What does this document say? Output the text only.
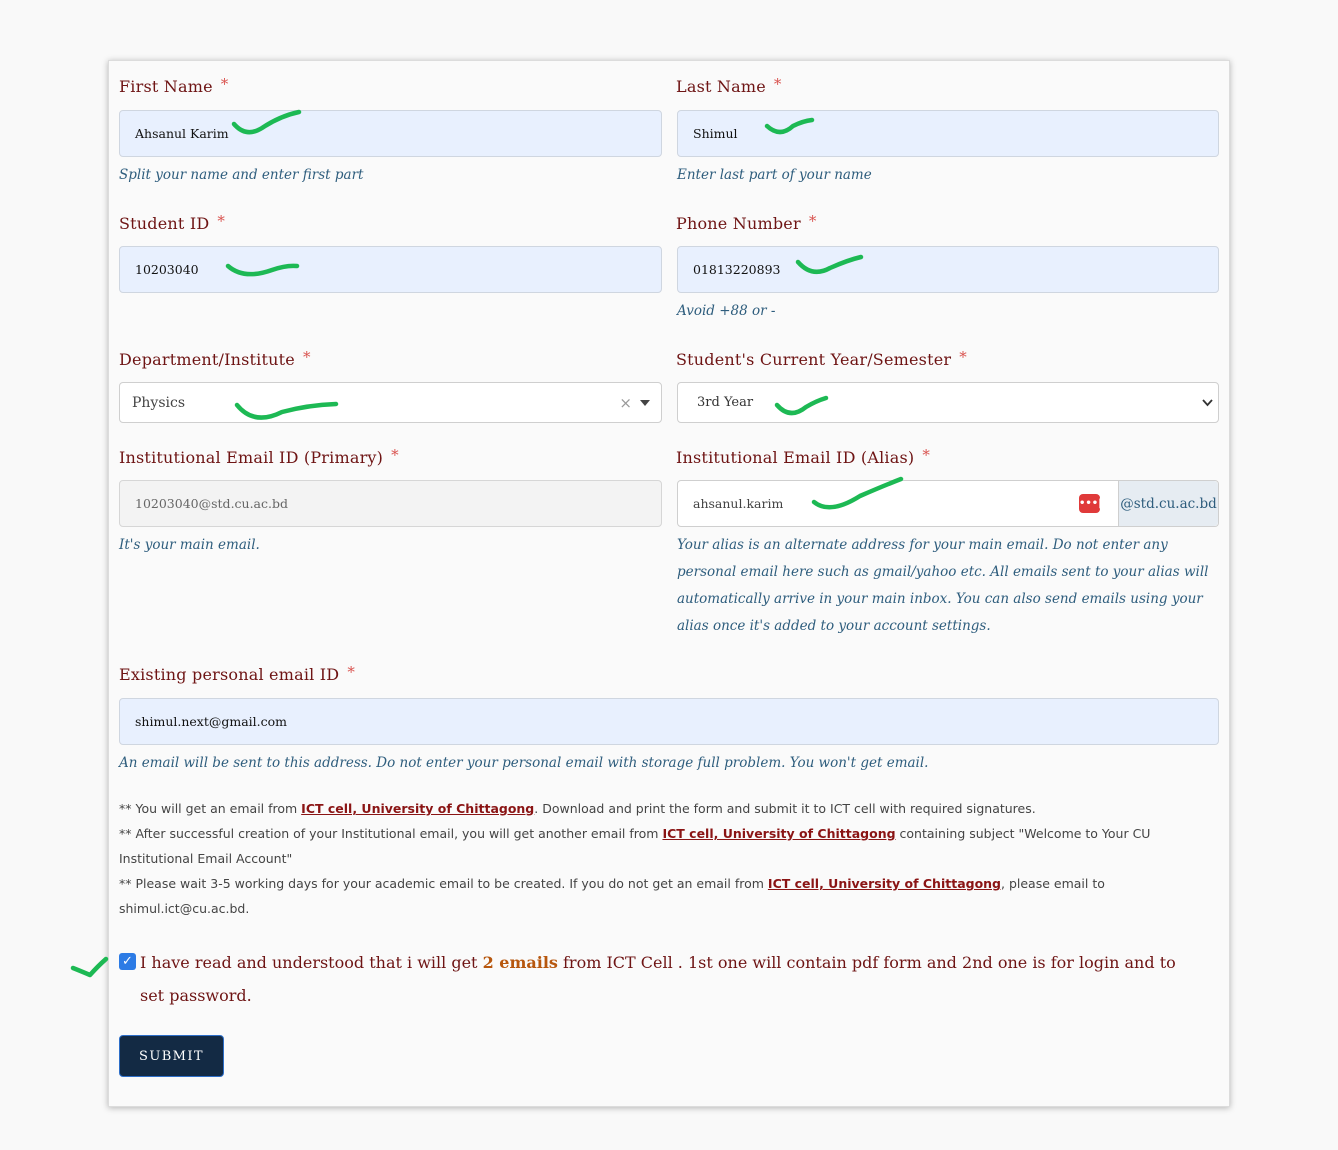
First Name *
Ahsanul Karim
Split your name and enter first part
Last Name *
Shimul
Enter last part of your name
Student ID *
10203040
Phone Number *
01813220893
Avoid +88 or -
Department/Institute *
Physics	×
Student's Current Year/Semester *
3rd Year
Institutional Email ID (Primary) *
10203040@std.cu.ac.bd
It's your main email.
Institutional Email ID (Alias) *
ahsanul.karim	•••| @std.cu.ac.bd
Your alias is an alternate address for your main email. Do not enter any personal email here such as gmail/yahoo etc. All emails sent to your alias will automatically arrive in your main inbox. You can also send emails using your alias once it's added to your account settings.
Existing personal email ID *
shimul.next@gmail.com
An email will be sent to this address. Do not enter your personal email with storage full problem. You won't get email.
** You will get an email from ICT cell, University of Chittagong. Download and print the form and submit it to ICT cell with required signatures.
** After successful creation of your Institutional email, you will get another email from ICT cell, University of Chittagong containing subject "Welcome to Your CU Institutional Email Account"
** Please wait 3-5 working days for your academic email to be created. If you do not get an email from ICT cell, University of Chittagong, please email to shimul.ict@cu.ac.bd.
✓ I have read and understood that i will get 2 emails from ICT Cell . 1st one will contain pdf form and 2nd one is for login and to set password.
SUBMIT
